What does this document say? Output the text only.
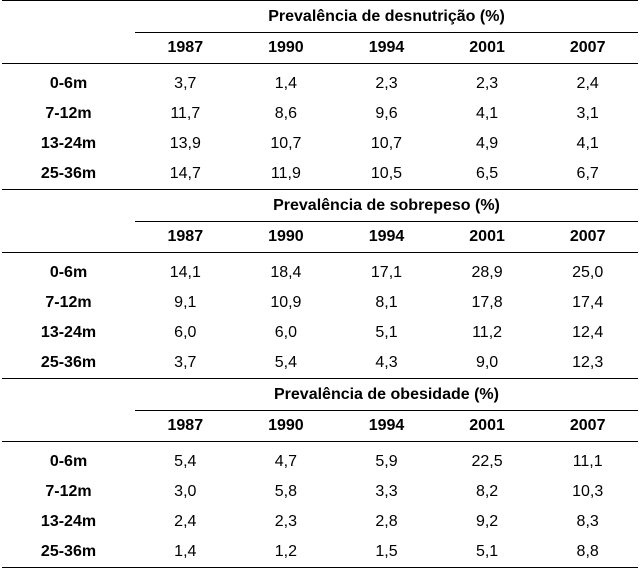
Prevalência de desnutrição (%)
1987	1990	1994	2001	2007
0-6m	3,7	1,4	2,3	2,3	2,4
7-12m	11,7	8,6	9,6	4,1	3,1
13-24m	13,9	10,7	10,7	4,9	4,1
25-36m	14,7	11,9	10,5	6,5	6,7
Prevalência de sobrepeso (%)
1987	1990	1994	2001	2007
0-6m	14,1	18,4	17,1	28,9	25,0
7-12m	9,1	10,9	8,1	17,8	17,4
13-24m	6,0	6,0	5,1	11,2	12,4
25-36m	3,7	5,4	4,3	9,0	12,3
Prevalência de obesidade (%)
1987	1990	1994	2001	2007
0-6m	5,4	4,7	5,9	22,5	11,1
7-12m	3,0	5,8	3,3	8,2	10,3
13-24m	2,4	2,3	2,8	9,2	8,3
25-36m	1,4	1,2	1,5	5,1	8,8
